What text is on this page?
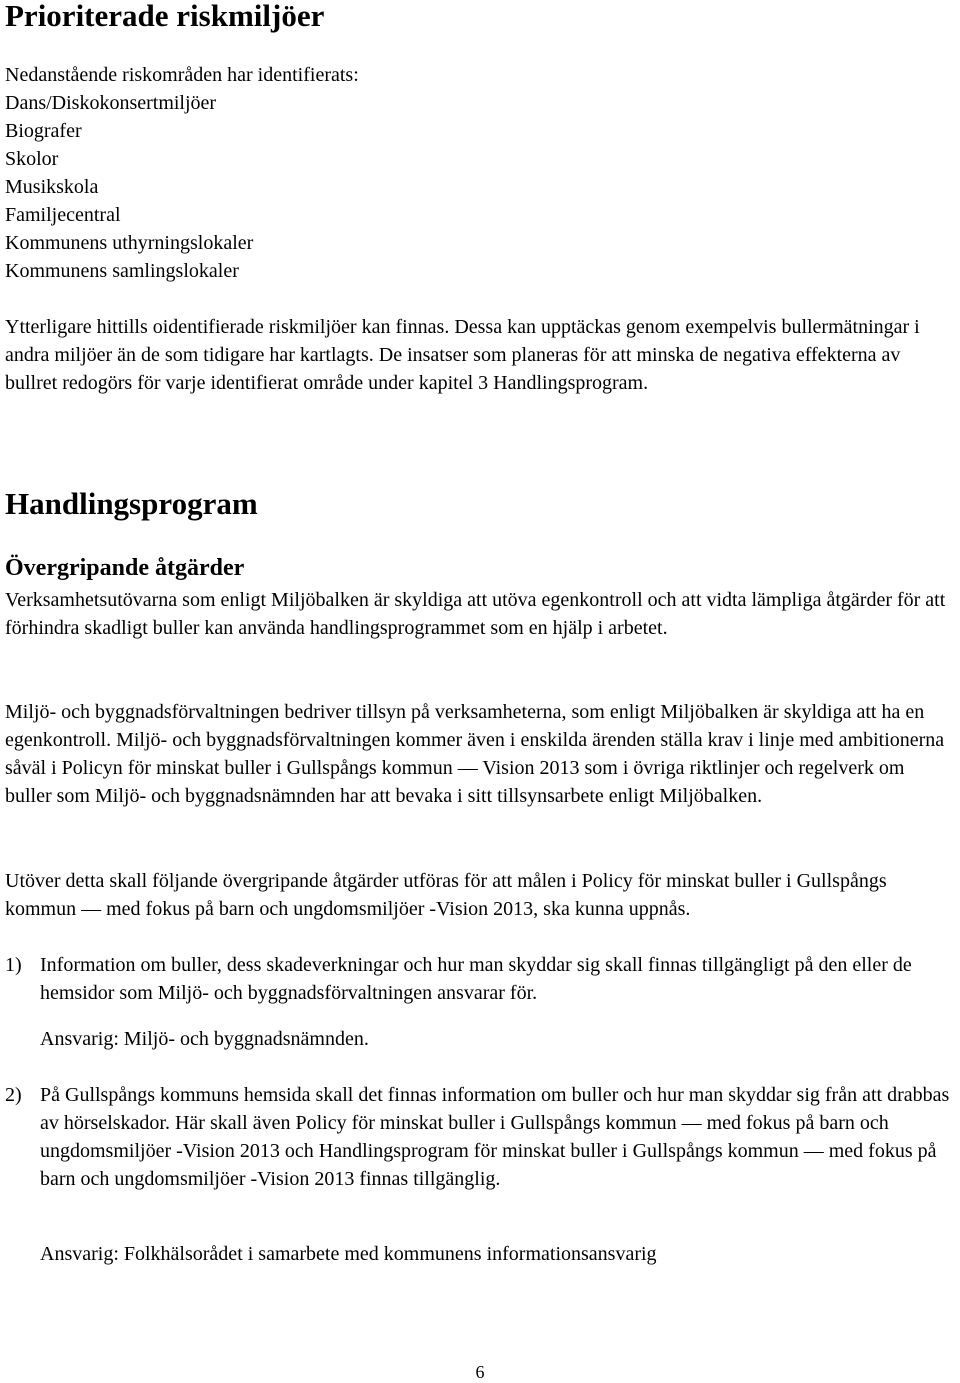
Prioriterade riskmiljöer
Nedanstående riskområden har identifierats:
Dans/Diskokonsertmiljöer
Biografer
Skolor
Musikskola
Familjecentral
Kommunens uthyrningslokaler
Kommunens samlingslokaler

Ytterligare hittills oidentifierade riskmiljöer kan finnas. Dessa kan upptäckas genom exempelvis bullermätningar i andra miljöer än de som tidigare har kartlagts. De insatser som planeras för att minska de negativa effekterna av bullret redogörs för varje identifierat område under kapitel 3 Handlingsprogram.

Handlingsprogram
Övergripande åtgärder

Verksamhetsutövarna som enligt Miljöbalken är skyldiga att utöva egenkontroll och att vidta lämpliga åtgärder för att förhindra skadligt buller kan använda handlingsprogrammet som en hjälp i arbetet.

Miljö- och byggnadsförvaltningen bedriver tillsyn på verksamheterna, som enligt Miljöbalken är skyldiga att ha en egenkontroll. Miljö- och byggnadsförvaltningen kommer även i enskilda ärenden ställa krav i linje med ambitionerna såväl i Policyn för minskat buller i Gullspångs kommun — Vision 2013 som i övriga riktlinjer och regelverk om buller som Miljö- och byggnadsnämnden har att bevaka i sitt tillsynsarbete enligt Miljöbalken.

Utöver detta skall följande övergripande åtgärder utföras för att målen i Policy för minskat buller i Gullspångs kommun — med fokus på barn och ungdomsmiljöer -Vision 2013, ska kunna uppnås.

1) Information om buller, dess skadeverkningar och hur man skyddar sig skall finnas tillgängligt på den eller de hemsidor som Miljö- och byggnadsförvaltningen ansvarar för.
Ansvarig: Miljö- och byggnadsnämnden.
2) På Gullspångs kommuns hemsida skall det finnas information om buller och hur man skyddar sig från att drabbas av hörselskador. Här skall även Policy för minskat buller i Gullspångs kommun — med fokus på barn och ungdomsmiljöer -Vision 2013 och Handlingsprogram för minskat buller i Gullspångs kommun — med fokus på barn och ungdomsmiljöer -Vision 2013 finnas tillgänglig.
Ansvarig: Folkhälsorådet i samarbete med kommunens informationsansvarig
6
